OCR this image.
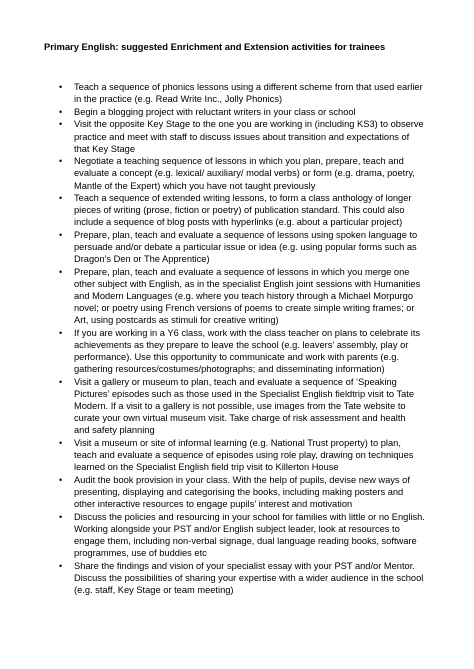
Primary English: suggested Enrichment and Extension activities for trainees
• Teach a sequence of phonics lessons using a different scheme from that used earlier
in the practice (e.g. Read Write Inc., Jolly Phonics)
• Begin a blogging project with reluctant writers in your class or school
• Visit the opposite Key Stage to the one you are working in (including KS3) to observe
practice and meet with staff to discuss issues about transition and expectations of
that Key Stage
• Negotiate a teaching sequence of lessons in which you plan, prepare, teach and
evaluate a concept (e.g. lexical/ auxiliary/ modal verbs) or form (e.g. drama, poetry,
Mantle of the Expert) which you have not taught previously
• Teach a sequence of extended writing lessons, to form a class anthology of longer
pieces of writing (prose, fiction or poetry) of publication standard. This could also
include a sequence of blog posts with hyperlinks (e.g. about a particular project)
• Prepare, plan, teach and evaluate a sequence of lessons using spoken language to
persuade and/or debate a particular issue or idea (e.g. using popular forms such as
Dragon’s Den or The Apprentice)
• Prepare, plan, teach and evaluate a sequence of lessons in which you merge one
other subject with English, as in the specialist English joint sessions with Humanities
and Modern Languages (e.g. where you teach history through a Michael Morpurgo
novel; or poetry using French versions of poems to create simple writing frames; or
Art, using postcards as stimuli for creative writing)
• If you are working in a Y6 class, work with the class teacher on plans to celebrate its
achievements as they prepare to leave the school (e.g. leavers’ assembly, play or
performance). Use this opportunity to communicate and work with parents (e.g.
gathering resources/costumes/photographs; and disseminating information)
• Visit a gallery or museum to plan, teach and evaluate a sequence of ‘Speaking
Pictures’ episodes such as those used in the Specialist English fieldtrip visit to Tate
Modern. If a visit to a gallery is not possible, use images from the Tate website to
curate your own virtual museum visit. Take charge of risk assessment and health
and safety planning
• Visit a museum or site of informal learning (e.g. National Trust property) to plan,
teach and evaluate a sequence of episodes using role play, drawing on techniques
learned on the Specialist English field trip visit to Killerton House
• Audit the book provision in your class. With the help of pupils, devise new ways of
presenting, displaying and categorising the books, including making posters and
other interactive resources to engage pupils’ interest and motivation
• Discuss the policies and resourcing in your school for families with little or no English.
Working alongside your PST and/or English subject leader, look at resources to
engage them, including non-verbal signage, dual language reading books, software
programmes, use of buddies etc
• Share the findings and vision of your specialist essay with your PST and/or Mentor.
Discuss the possibilities of sharing your expertise with a wider audience in the school
(e.g. staff, Key Stage or team meeting)
